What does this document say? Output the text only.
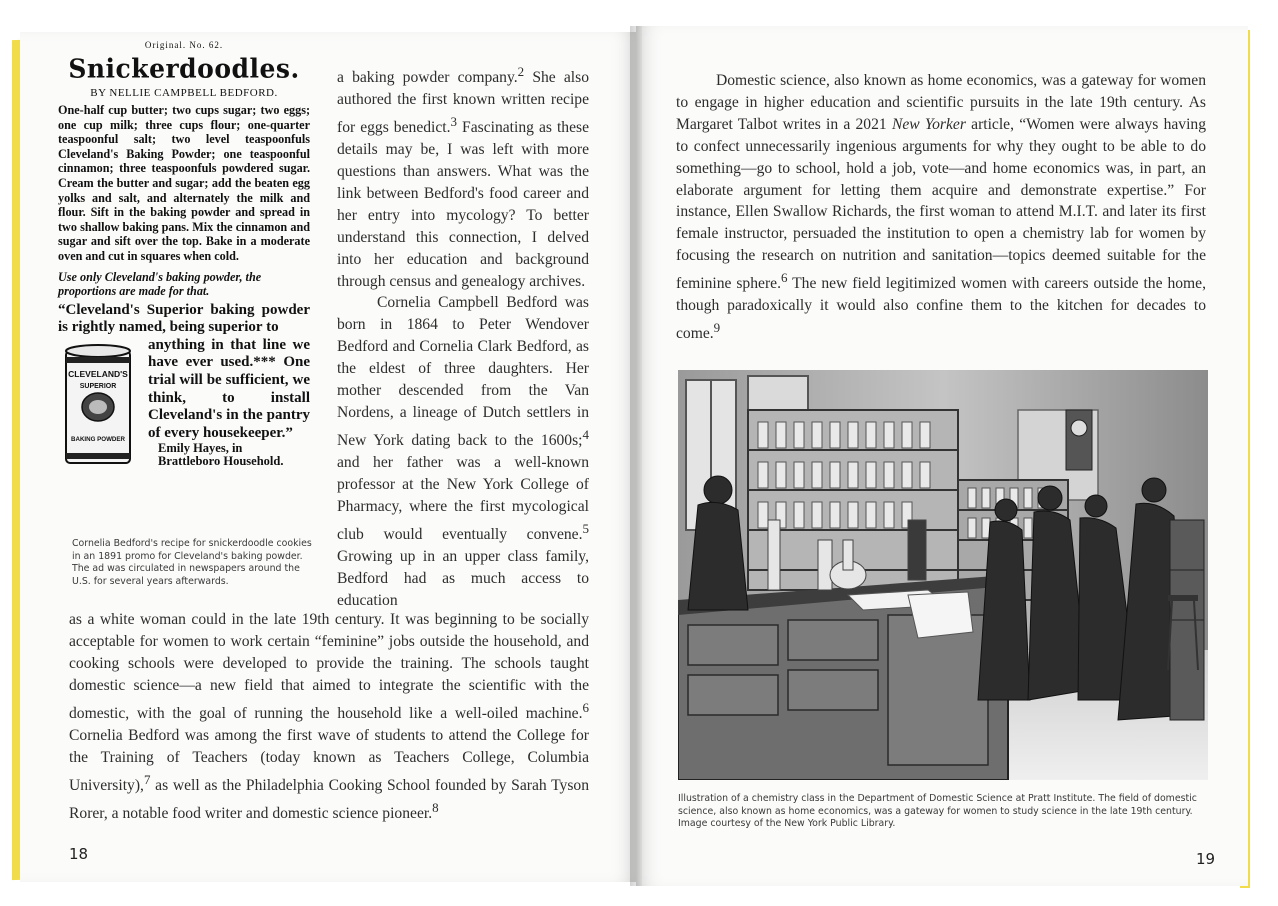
Original. No. 62.
Snickerdoodles.
BY NELLIE CAMPBELL BEDFORD.
One-half cup butter; two cups sugar; two eggs; one cup milk; three cups flour; one-quarter teaspoonful salt; two level teaspoonfuls Cleveland's Baking Powder; one teaspoonful cinnamon; three teaspoonfuls powdered sugar. Cream the butter and sugar; add the beaten egg yolks and salt, and alternately the milk and flour. Sift in the baking powder and spread in two shallow baking pans. Mix the cinnamon and sugar and sift over the top. Bake in a moderate oven and cut in squares when cold.
Use only Cleveland's baking powder, the proportions are made for that.
“Cleveland's Superior baking powder is rightly named, being superior to
CLEVELAND'S
SUPERIOR
BAKING POWDER
anything in that line we have ever used.*** One trial will be sufficient, we think, to install Cleveland's in the pantry of every housekeeper.”
Emily Hayes, in
Brattleboro Household.
Cornelia Bedford's recipe for snickerdoodle cookies in an 1891 promo for Cleveland's baking powder. The ad was circulated in newspapers around the U.S. for several years afterwards.

a baking powder company.$^2$ She also authored the first known written recipe for eggs benedict.$^3$ Fascinating as these details may be, I was left with more questions than answers. What was the link between Bedford's food career and her entry into mycology? To better understand this connection, I delved into her education and background through census and genealogy archives.

Cornelia Campbell Bedford was born in 1864 to Peter Wendover Bedford and Cornelia Clark Bedford, as the eldest of three daughters. Her mother descended from the Van Nordens, a lineage of Dutch settlers in New York dating back to the 1600s;$^4$ and her father was a well-known professor at the New York College of Pharmacy, where the first mycological club would eventually convene.$^5$ Growing up in an upper class family, Bedford had as much access to education

as a white woman could in the late 19th century. It was beginning to be socially acceptable for women to work certain “feminine” jobs outside the household, and cooking schools were developed to provide the training. The schools taught domestic science—a new field that aimed to integrate the scientific with the domestic, with the goal of running the household like a well-oiled machine.$^6$ Cornelia Bedford was among the first wave of students to attend the College for the Training of Teachers (today known as Teachers College, Columbia University),$^7$ as well as the Philadelphia Cooking School founded by Sarah Tyson Rorer, a notable food writer and domestic science pioneer.$^8$

18

Domestic science, also known as home economics, was a gateway for women to engage in higher education and scientific pursuits in the late 19th century. As Margaret Talbot writes in a 2021 New Yorker article, “Women were always having to confect unnecessarily ingenious arguments for why they ought to be able to do something—go to school, hold a job, vote—and home economics was, in part, an elaborate argument for letting them acquire and demonstrate expertise.” For instance, Ellen Swallow Richards, the first woman to attend M.I.T. and later its first female instructor, persuaded the institution to open a chemistry lab for women by focusing the research on nutrition and sanitation—topics deemed suitable for the feminine sphere.$^6$ The new field legitimized women with careers outside the home, though paradoxically it would also confine them to the kitchen for decades to come.$^9$

Illustration of a chemistry class in the Department of Domestic Science at Pratt Institute. The field of domestic science, also known as home economics, was a gateway for women to study science in the late 19th century. Image courtesy of the New York Public Library.
19
